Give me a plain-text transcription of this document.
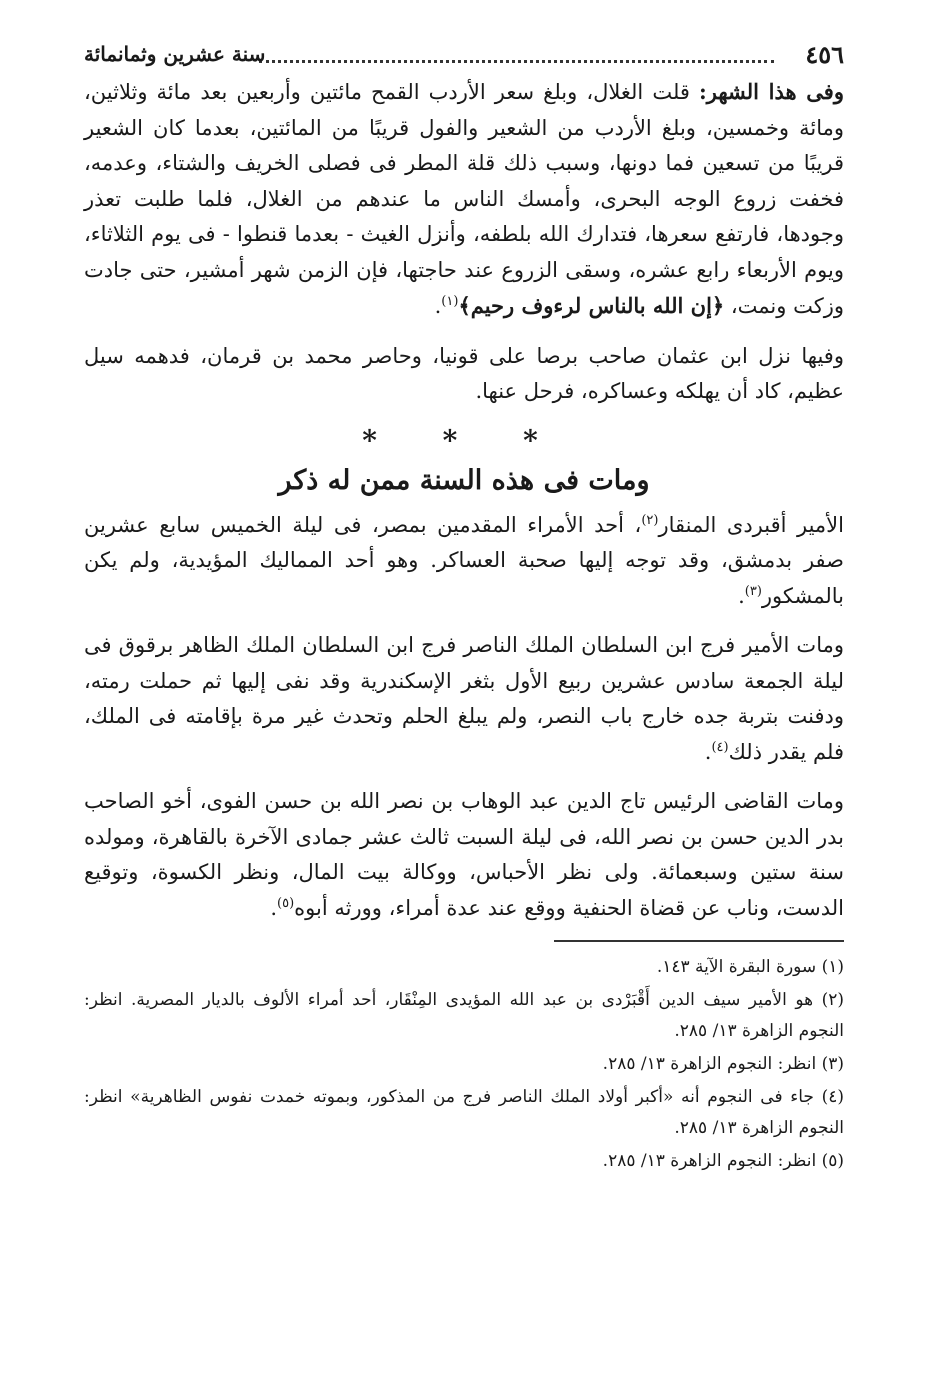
٤٥٦
سنة عشرين وثمانمائة

وفى هذا الشهر: قلت الغلال، وبلغ سعر الأردب القمح مائتين وأربعين بعد مائة وثلاثين، ومائة وخمسين، وبلغ الأردب من الشعير والفول قريبًا من المائتين، بعدما كان الشعير قريبًا من تسعين فما دونها، وسبب ذلك قلة المطر فى فصلى الخريف والشتاء، وعدمه، فخفت زروع الوجه البحرى، وأمسك الناس ما عندهم من الغلال، فلما طلبت تعذر وجودها، فارتفع سعرها، فتدارك الله بلطفه، وأنزل الغيث - بعدما قنطوا - فى يوم الثلاثاء، ويوم الأربعاء رابع عشره، وسقى الزروع عند حاجتها، فإن الزمن شهر أمشير، حتى جادت وزكت ونمت، ﴿إن الله بالناس لرءوف رحيم﴾$^{(١)}$.

وفيها نزل ابن عثمان صاحب برصا على قونيا، وحاصر محمد بن قرمان، فدهمه سيل عظيم، كاد أن يهلكه وعساكره، فرحل عنها.

* * *
ومات فى هذه السنة ممن له ذكر

الأمير أقبردى المنقار$^{(٢)}$، أحد الأمراء المقدمين بمصر، فى ليلة الخميس سابع عشرين صفر بدمشق، وقد توجه إليها صحبة العساكر. وهو أحد المماليك المؤيدية، ولم يكن بالمشكور$^{(٣)}$.

ومات الأمير فرج ابن السلطان الملك الناصر فرج ابن السلطان الملك الظاهر برقوق فى ليلة الجمعة سادس عشرين ربيع الأول بثغر الإسكندرية وقد نفى إليها ثم حملت رمته، ودفنت بتربة جده خارج باب النصر، ولم يبلغ الحلم وتحدث غير مرة بإقامته فى الملك، فلم يقدر ذلك$^{(٤)}$.

ومات القاضى الرئيس تاج الدين عبد الوهاب بن نصر الله بن حسن الفوى، أخو الصاحب بدر الدين حسن بن نصر الله، فى ليلة السبت ثالث عشر جمادى الآخرة بالقاهرة، ومولده سنة ستين وسبعمائة. ولى نظر الأحباس، ووكالة بيت المال، ونظر الكسوة، وتوقيع الدست، وناب عن قضاة الحنفية ووقع عند عدة أمراء، وورثه أبوه$^{(٥)}$.

(١) سورة البقرة الآية ١٤٣.
(٢) هو الأمير سيف الدين أَقْبَرْدى بن عبد الله المؤيدى المِنْقَار، أحد أمراء الألوف بالديار المصرية. انظر: النجوم الزاهرة ١٣/ ٢٨٥.
(٣) انظر: النجوم الزاهرة ١٣/ ٢٨٥.
(٤) جاء فى النجوم أنه «أكبر أولاد الملك الناصر فرج من المذكور، وبموته خمدت نفوس الظاهرية» انظر: النجوم الزاهرة ١٣/ ٢٨٥.
(٥) انظر: النجوم الزاهرة ١٣/ ٢٨٥.
